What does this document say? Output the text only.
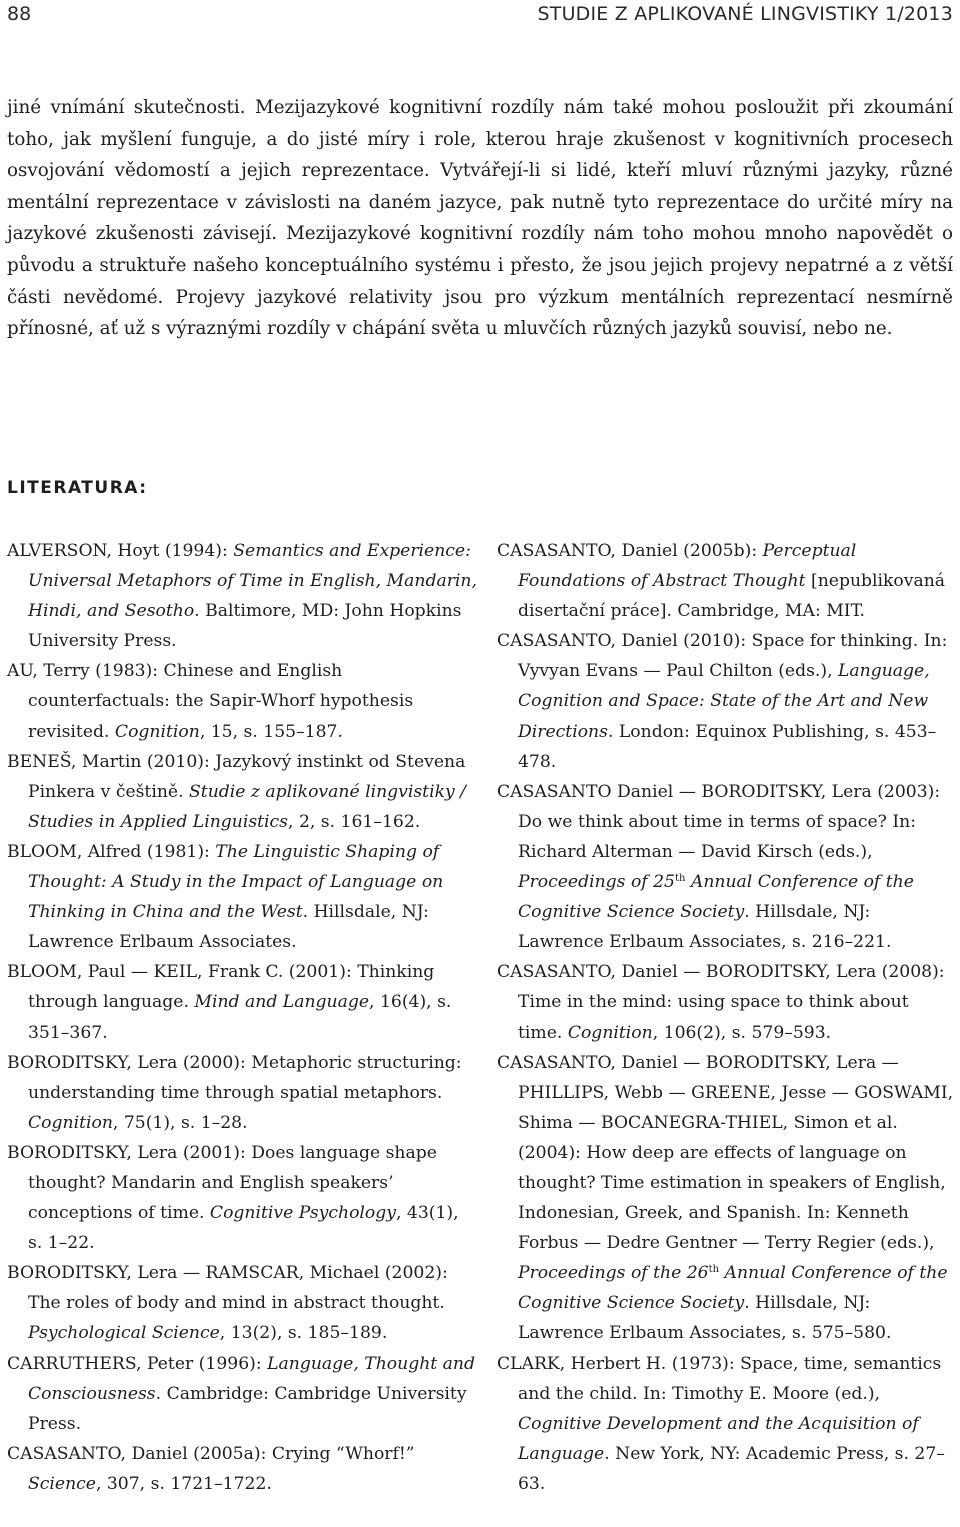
88	STUDIE Z APLIKOVANÉ LINGVISTIKY 1/2013

jiné vnímání skutečnosti. Mezijazykové kognitivní rozdíly nám také mohou posloužit při zkoumání toho, jak myšlení funguje, a do jisté míry i role, kterou hraje zkušenost v kognitivních procesech osvojování vědomostí a jejich reprezentace. Vytvářejí-li si lidé, kteří mluví různými jazyky, různé mentální reprezentace v závislosti na daném jazyce, pak nutně tyto reprezentace do určité míry na jazykové zkušenosti závisejí. Mezijazykové kognitivní rozdíly nám toho mohou mnoho napovědět o původu a struktuře našeho konceptuálního systému i přesto, že jsou jejich projevy nepatrné a z větší části nevědomé. Projevy jazykové relativity jsou pro výzkum mentálních reprezentací nesmírně přínosné, ať už s výraznými rozdíly v chápání světa u mluvčích různých jazyků souvisí, nebo ne.

LITERATURA:
ALVERSON, Hoyt (1994): Semantics and Experience: Universal Metaphors of Time in English, Mandarin, Hindi, and Sesotho. Baltimore, MD: John Hopkins University Press.
AU, Terry (1983): Chinese and English counterfactuals: the Sapir-Whorf hypothesis revisited. Cognition, 15, s. 155–187.
BENEŠ, Martin (2010): Jazykový instinkt od Stevena Pinkera v češtině. Studie z aplikované lingvistiky / Studies in Applied Linguistics, 2, s. 161–162.
BLOOM, Alfred (1981): The Linguistic Shaping of Thought: A Study in the Impact of Language on Thinking in China and the West. Hillsdale, NJ: Lawrence Erlbaum Associates.
BLOOM, Paul — KEIL, Frank C. (2001): Thinking through language. Mind and Language, 16(4), s. 351–367.
BORODITSKY, Lera (2000): Metaphoric structuring: understanding time through spatial metaphors. Cognition, 75(1), s. 1–28.
BORODITSKY, Lera (2001): Does language shape thought? Mandarin and English speakers’ conceptions of time. Cognitive Psychology, 43(1), s. 1–22.
BORODITSKY, Lera — RAMSCAR, Michael (2002): The roles of body and mind in abstract thought. Psychological Science, 13(2), s. 185–189.
CARRUTHERS, Peter (1996): Language, Thought and Consciousness. Cambridge: Cambridge University Press.
CASASANTO, Daniel (2005a): Crying “Whorf!” Science, 307, s. 1721–1722.
CASASANTO, Daniel (2005b): Perceptual Foundations of Abstract Thought [nepublikovaná disertační práce]. Cambridge, MA: MIT.
CASASANTO, Daniel (2010): Space for thinking. In: Vyvyan Evans — Paul Chilton (eds.), Language, Cognition and Space: State of the Art and New Directions. London: Equinox Publishing, s. 453–478.
CASASANTO Daniel — BORODITSKY, Lera (2003): Do we think about time in terms of space? In: Richard Alterman — David Kirsch (eds.), Proceedings of 25th Annual Conference of the Cognitive Science Society. Hillsdale, NJ: Lawrence Erlbaum Associates, s. 216–221.
CASASANTO, Daniel — BORODITSKY, Lera (2008): Time in the mind: using space to think about time. Cognition, 106(2), s. 579–593.
CASASANTO, Daniel — BORODITSKY, Lera — PHILLIPS, Webb — GREENE, Jesse — GOSWAMI, Shima — BOCANEGRA-THIEL, Simon et al. (2004): How deep are effects of language on thought? Time estimation in speakers of English, Indonesian, Greek, and Spanish. In: Kenneth Forbus — Dedre Gentner — Terry Regier (eds.), Proceedings of the 26th Annual Conference of the Cognitive Science Society. Hillsdale, NJ: Lawrence Erlbaum Associates, s. 575–580.
CLARK, Herbert H. (1973): Space, time, semantics and the child. In: Timothy E. Moore (ed.), Cognitive Development and the Acquisition of Language. New York, NY: Academic Press, s. 27–63.
